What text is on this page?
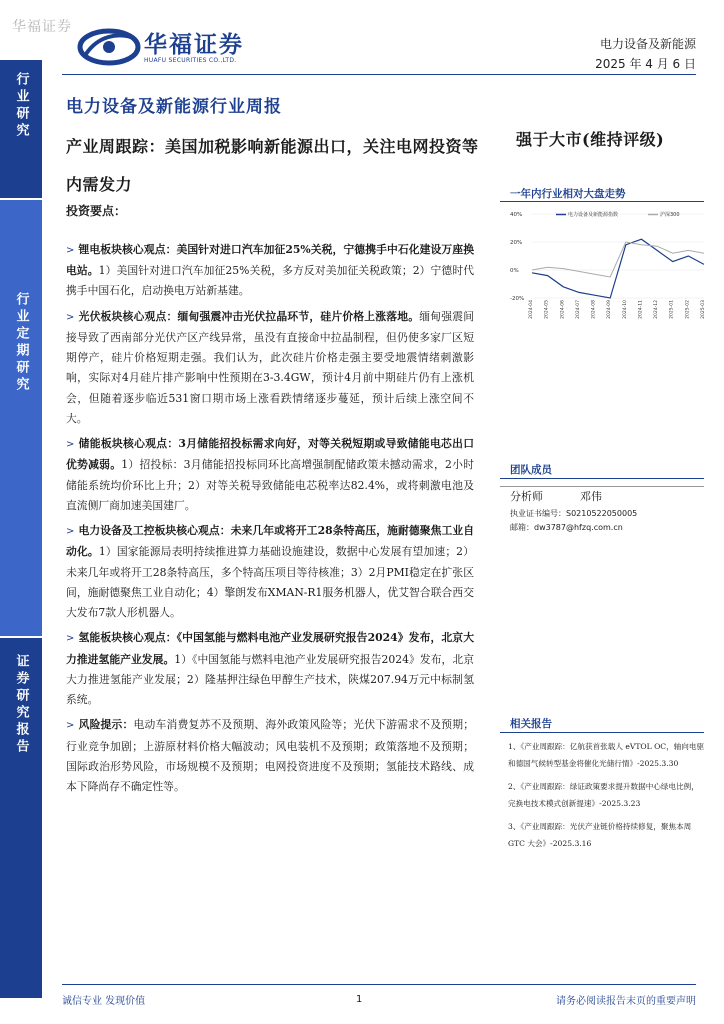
华福证券
华福证券
HUAFU SECURITIES CO.,LTD.
电力设备及新能源
2025 年 4 月 6 日
行业研究
行业定期研究
证券研究报告
电力设备及新能源行业周报
产业周跟踪：美国加税影响新能源出口，关注电网投资等内需发力
强于大市(维持评级)
投资要点：
> 锂电板块核心观点：美国针对进口汽车加征25%关税，宁德携手中石化建设万座换电站。1）美国针对进口汽车加征25%关税，多方反对美加征关税政策；2）宁德时代携手中国石化，启动换电万站新基建。
> 光伏板块核心观点：缅甸强震冲击光伏拉晶环节，硅片价格上涨落地。缅甸强震间接导致了西南部分光伏产区产线异常，虽没有直接命中拉晶制程，但仍使多家厂区短期停产，硅片价格短期走强。我们认为，此次硅片价格走强主要受地震情绪刺激影响，实际对4月硅片排产影响中性预期在3-3.4GW，预计4月前中期硅片仍有上涨机会，但随着逐步临近531窗口期市场上涨看跌情绪逐步蔓延，预计后续上涨空间不大。
> 储能板块核心观点：3月储能招投标需求向好，对等关税短期或导致储能电芯出口优势减弱。1）招投标：3月储能招投标同环比高增强制配储政策未撼动需求，2小时储能系统均价环比上升；2）对等关税导致储能电芯税率达82.4%，或将刺激电池及直流侧厂商加速美国建厂。
> 电力设备及工控板块核心观点：未来几年或将开工28条特高压，施耐德聚焦工业自动化。1）国家能源局表明持续推进算力基础设施建设，数据中心发展有望加速；2）未来几年或将开工28条特高压，多个特高压项目等待核准；3）2月PMI稳定在扩张区间，施耐德聚焦工业自动化；4）擎朗发布XMAN-R1服务机器人，优艾智合联合西交大发布7款人形机器人。
> 氢能板块核心观点：《中国氢能与燃料电池产业发展研究报告2024》发布，北京大力推进氢能产业发展。1）《中国氢能与燃料电池产业发展研究报告2024》发布，北京大力推进氢能产业发展；2）隆基押注绿色甲醇生产技术，陕煤207.94万元中标制氢系统。
> 风险提示：电动车消费复苏不及预期、海外政策风险等；光伏下游需求不及预期；行业竞争加剧；上游原材料价格大幅波动；风电装机不及预期；政策落地不及预期；国际政治形势风险，市场规模不及预期；电网投资进度不及预期；氢能技术路线、成本下降尚存不确定性等。
一年内行业相对大盘走势
40%
20%
0%
-20%
2024-04 2024-05 2024-06 2024-07 2024-08 2024-09 2024-10 2024-11 2024-12 2025-01 2025-02 2025-03
电力设备及新能源指数	沪深300
团队成员
分析师	邓伟
执业证书编号：S0210522050005
邮箱：dw3787@hfzq.com.cn
相关报告
1、《产业周跟踪：亿航获首张载人 eVTOL OC，轴向电驱和德国气候转型基金将催化光储行情》-2025.3.30
2、《产业周跟踪：绿证政策要求提升数据中心绿电比例，完换电技术模式创新提速》-2025.3.23
3、《产业周跟踪：光伏产业链价格持续修复，聚焦本周 GTC 大会》-2025.3.16
诚信专业 发现价值	1	请务必阅读报告末页的重要声明
